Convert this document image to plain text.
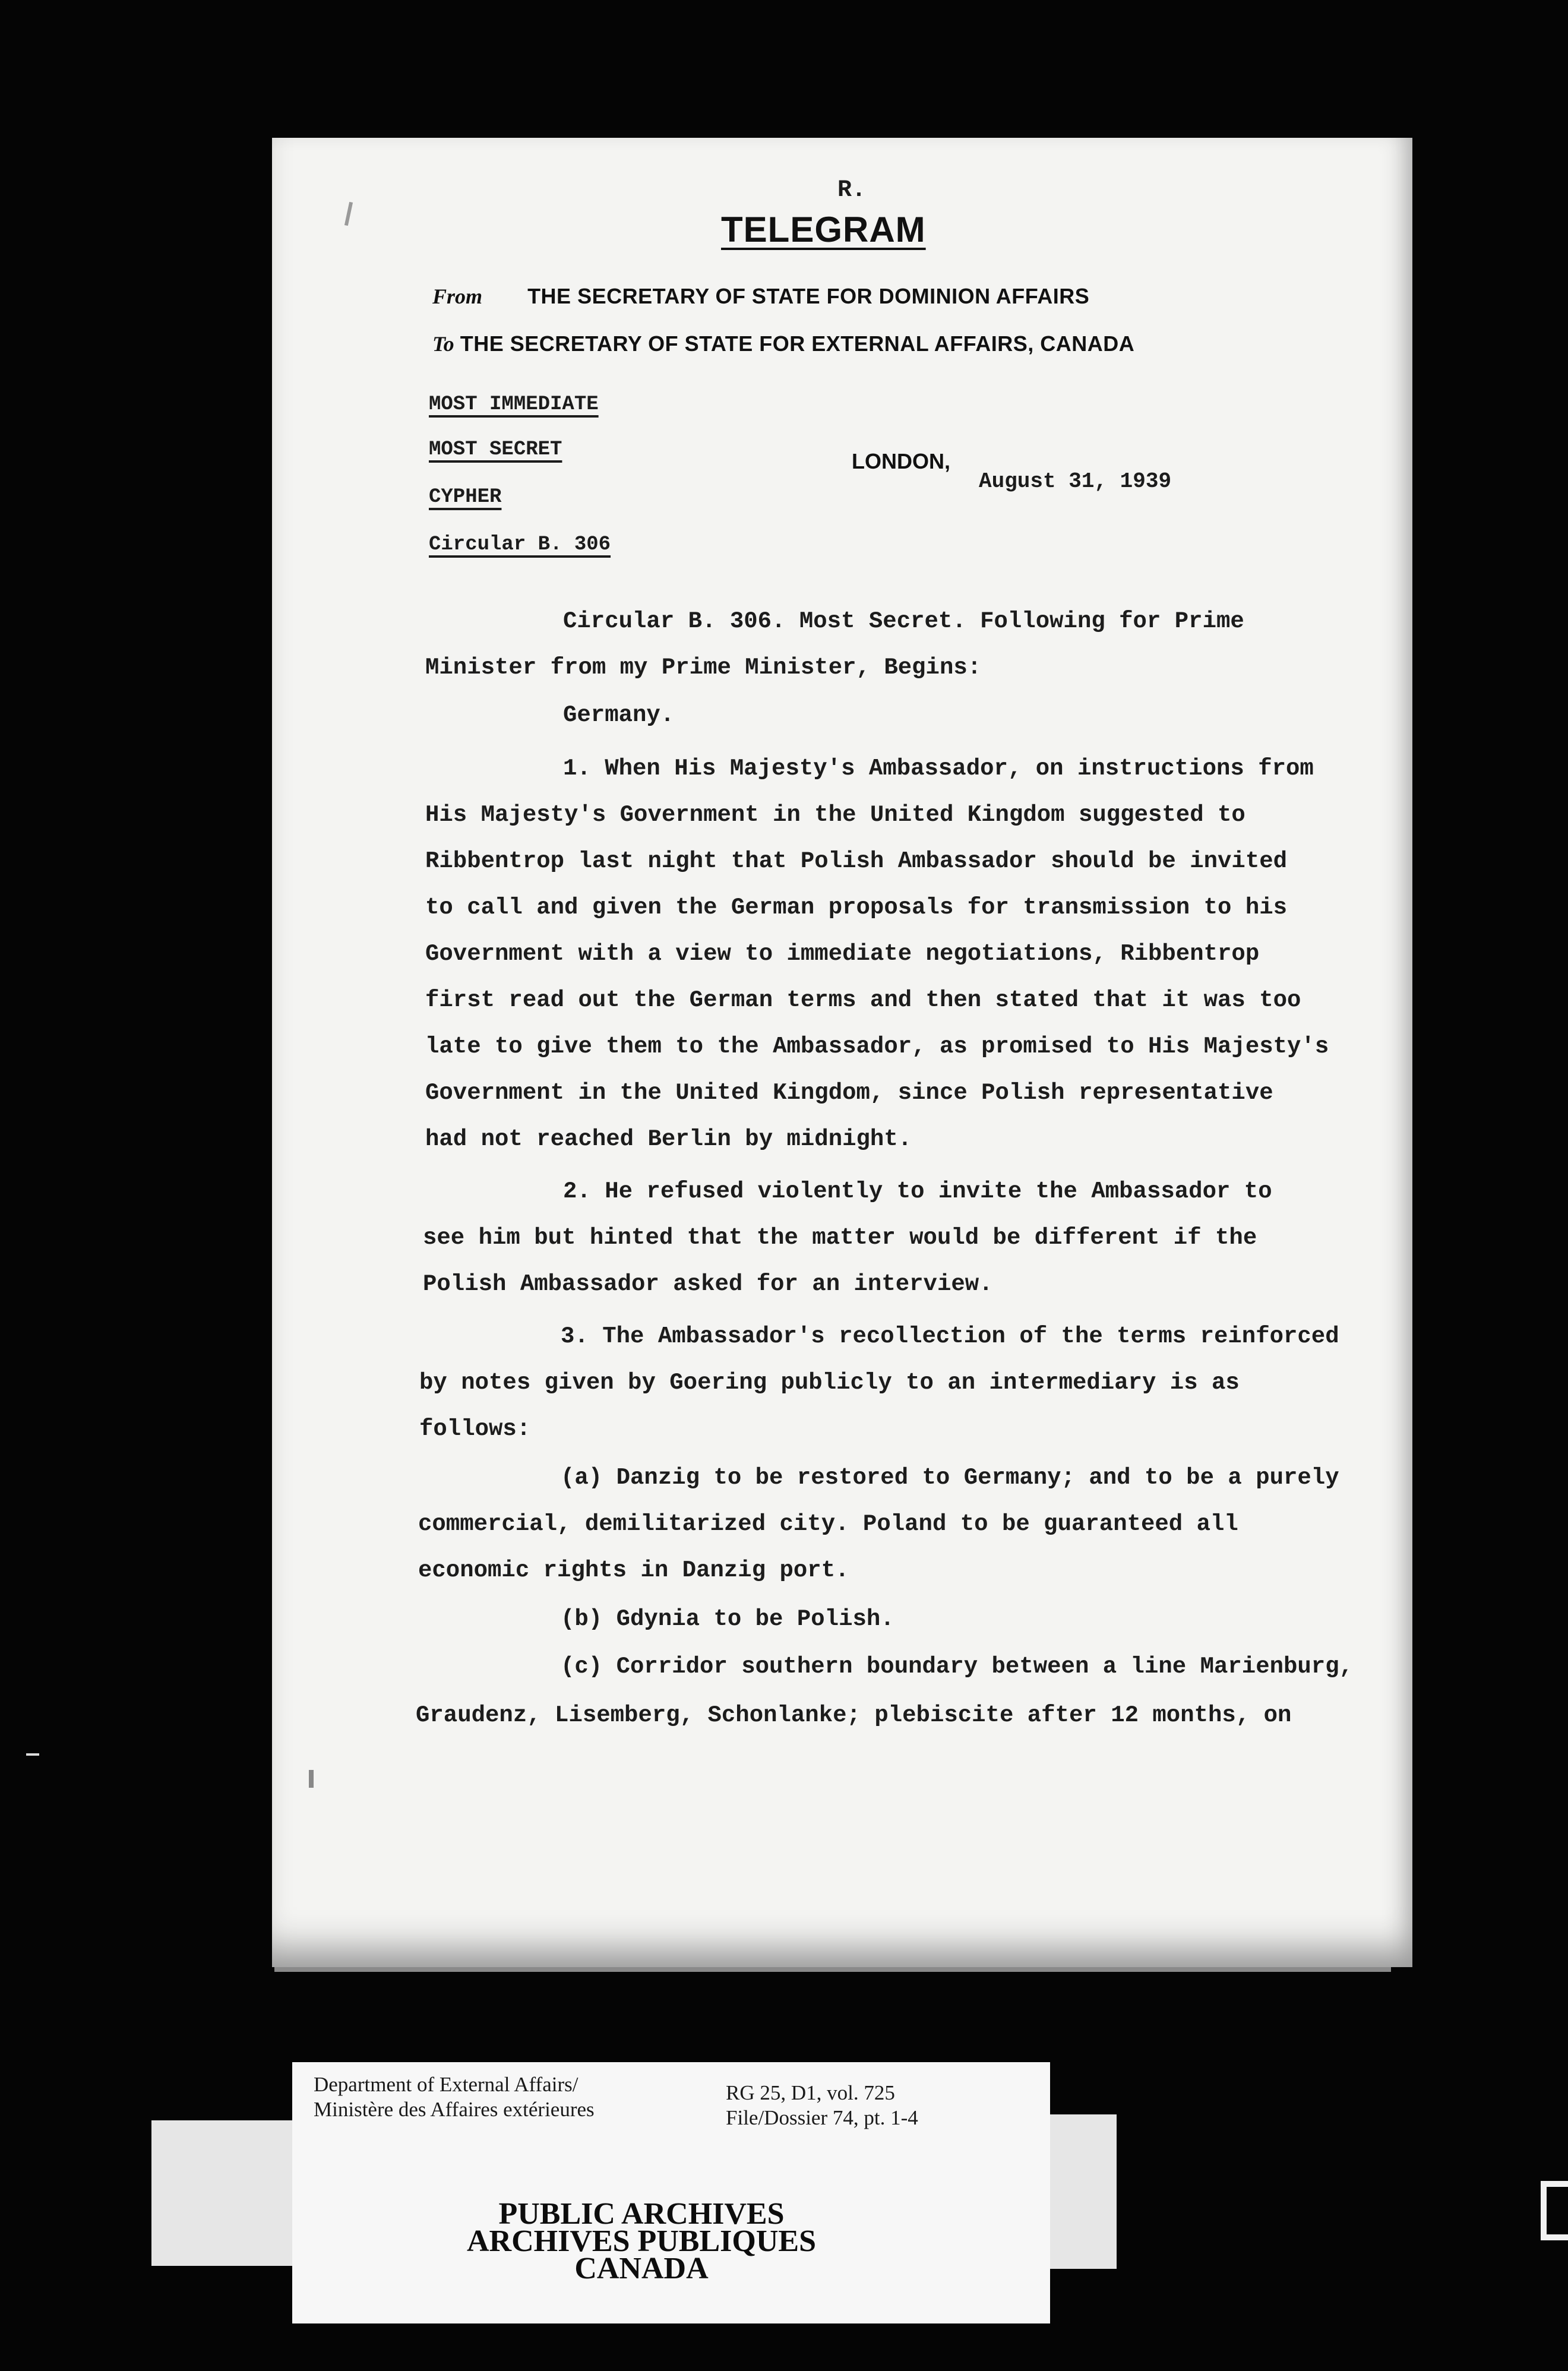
R.
TELEGRAM
From THE SECRETARY OF STATE FOR DOMINION AFFAIRS
To THE SECRETARY OF STATE FOR EXTERNAL AFFAIRS, CANADA
MOST IMMEDIATE
MOST SECRET
CYPHER
Circular B. 306
LONDON,
August 31, 1939
Circular B. 306. Most Secret. Following for Prime
Minister from my Prime Minister, Begins:
Germany.
1. When His Majesty's Ambassador, on instructions from
His Majesty's Government in the United Kingdom suggested to
Ribbentrop last night that Polish Ambassador should be invited
to call and given the German proposals for transmission to his
Government with a view to immediate negotiations, Ribbentrop
first read out the German terms and then stated that it was too
late to give them to the Ambassador, as promised to His Majesty's
Government in the United Kingdom, since Polish representative
had not reached Berlin by midnight.
2. He refused violently to invite the Ambassador to
see him but hinted that the matter would be different if the
Polish Ambassador asked for an interview.
3. The Ambassador's recollection of the terms reinforced
by notes given by Goering publicly to an intermediary is as
follows:
(a) Danzig to be restored to Germany; and to be a purely
commercial, demilitarized city. Poland to be guaranteed all
economic rights in Danzig port.
(b) Gdynia to be Polish.
(c) Corridor southern boundary between a line Marienburg,
Graudenz, Lisemberg, Schonlanke; plebiscite after 12 months, on
Department of External Affairs/
Ministère des Affaires extérieures
RG 25, D1, vol. 725
File/Dossier 74, pt. 1-4
PUBLIC ARCHIVES
ARCHIVES PUBLIQUES
CANADA
